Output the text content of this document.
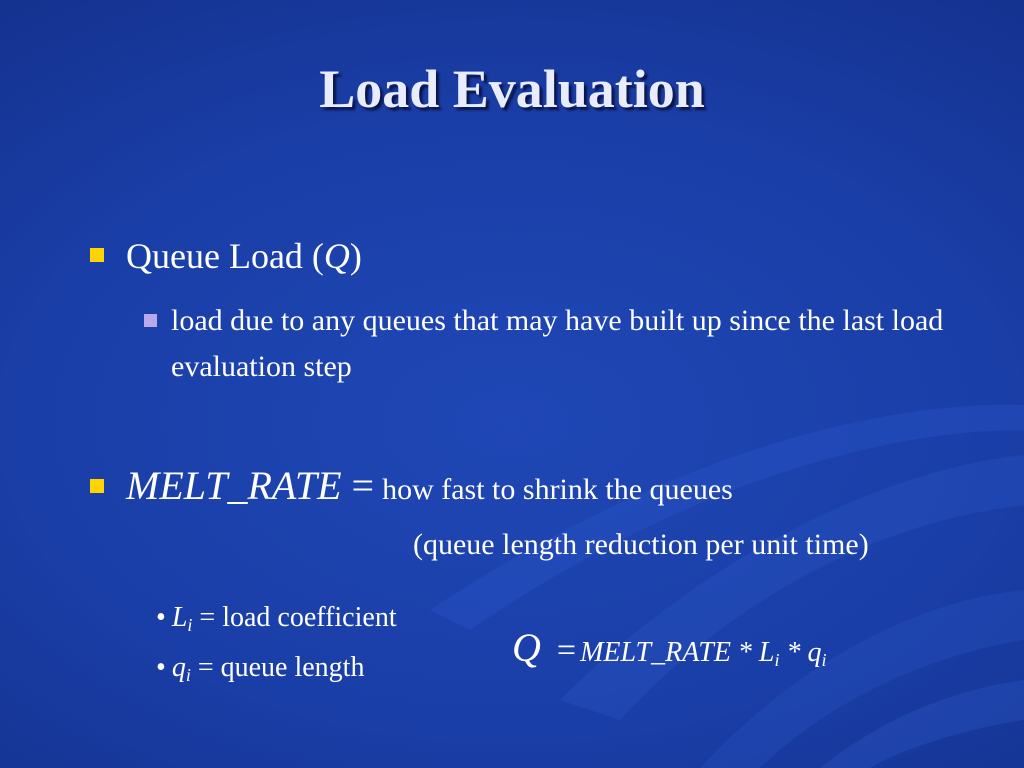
Load Evaluation
Queue Load (Q)
load due to any queues that may have built up since the last load evaluation step
MELT_RATE = how fast to shrink the queues
(queue length reduction per unit time)
• Li = load coefficient
• qi = queue length	Q = MELT_RATE * Li * qi
